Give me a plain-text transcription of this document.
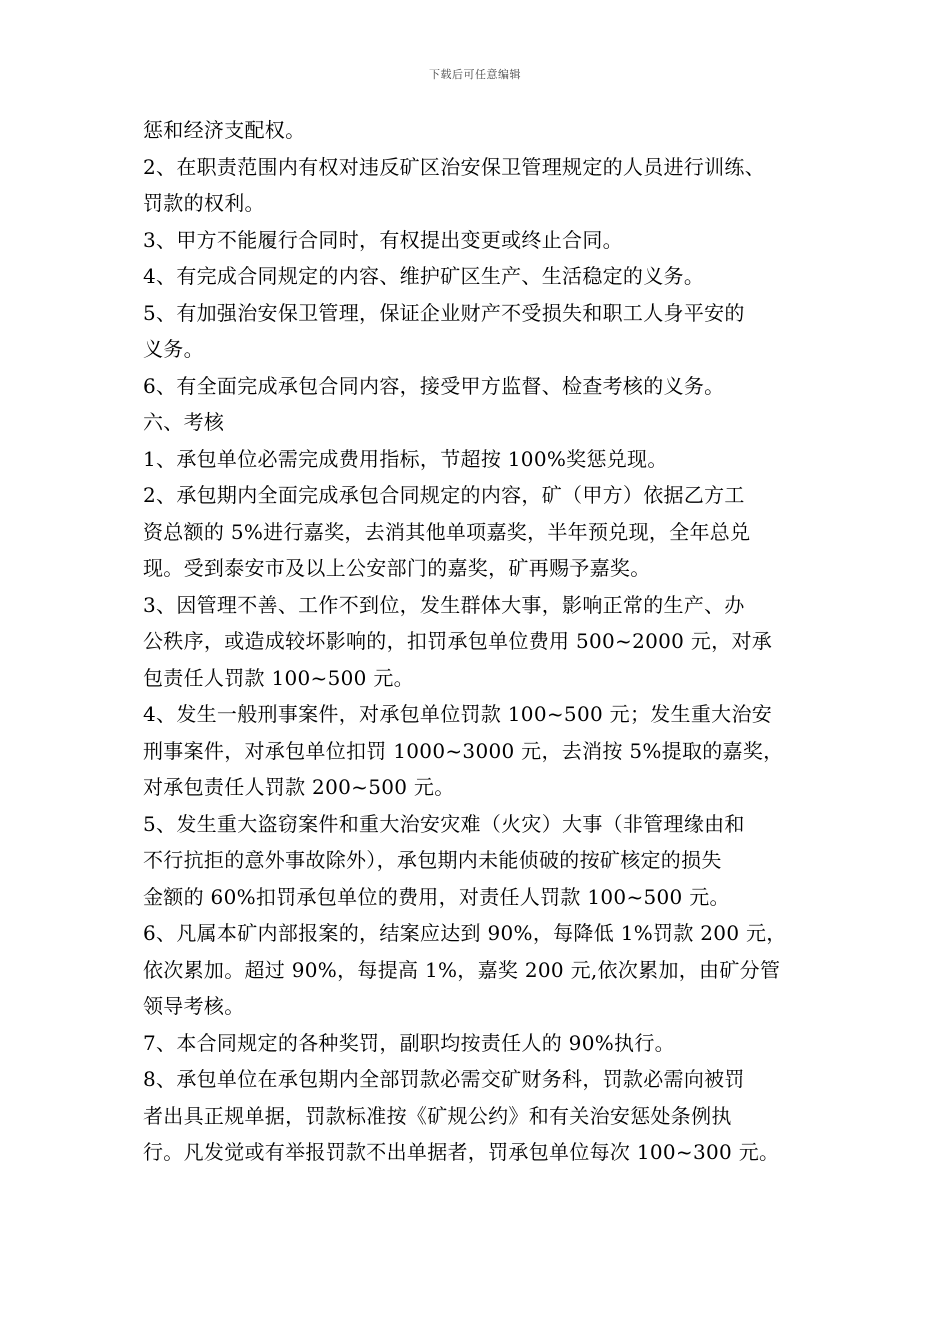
下载后可任意编辑
惩和经济支配权。
2、在职责范围内有权对违反矿区治安保卫管理规定的人员进行训练、
罚款的权利。
3、甲方不能履行合同时，有权提出变更或终止合同。
4、有完成合同规定的内容、维护矿区生产、生活稳定的义务。
5、有加强治安保卫管理，保证企业财产不受损失和职工人身平安的
义务。
6、有全面完成承包合同内容，接受甲方监督、检查考核的义务。
六、考核
1、承包单位必需完成费用指标，节超按 100%奖惩兑现。
2、承包期内全面完成承包合同规定的内容，矿（甲方）依据乙方工
资总额的 5%进行嘉奖，去消其他单项嘉奖，半年预兑现，全年总兑
现。受到泰安市及以上公安部门的嘉奖，矿再赐予嘉奖。
3、因管理不善、工作不到位，发生群体大事，影响正常的生产、办
公秩序，或造成较坏影响的，扣罚承包单位费用 500~2000 元，对承
包责任人罚款 100~500 元。
4、发生一般刑事案件，对承包单位罚款 100~500 元；发生重大治安
刑事案件，对承包单位扣罚 1000~3000 元，去消按 5%提取的嘉奖，
对承包责任人罚款 200~500 元。
5、发生重大盗窃案件和重大治安灾难（火灾）大事（非管理缘由和
不行抗拒的意外事故除外），承包期内未能侦破的按矿核定的损失
金额的 60%扣罚承包单位的费用，对责任人罚款 100~500 元。
6、凡属本矿内部报案的，结案应达到 90%，每降低 1%罚款 200 元，
依次累加。超过 90%，每提高 1%，嘉奖 200 元,依次累加，由矿分管
领导考核。
7、本合同规定的各种奖罚，副职均按责任人的 90%执行。
8、承包单位在承包期内全部罚款必需交矿财务科，罚款必需向被罚
者出具正规单据，罚款标准按《矿规公约》和有关治安惩处条例执
行。凡发觉或有举报罚款不出单据者，罚承包单位每次 100~300 元。
